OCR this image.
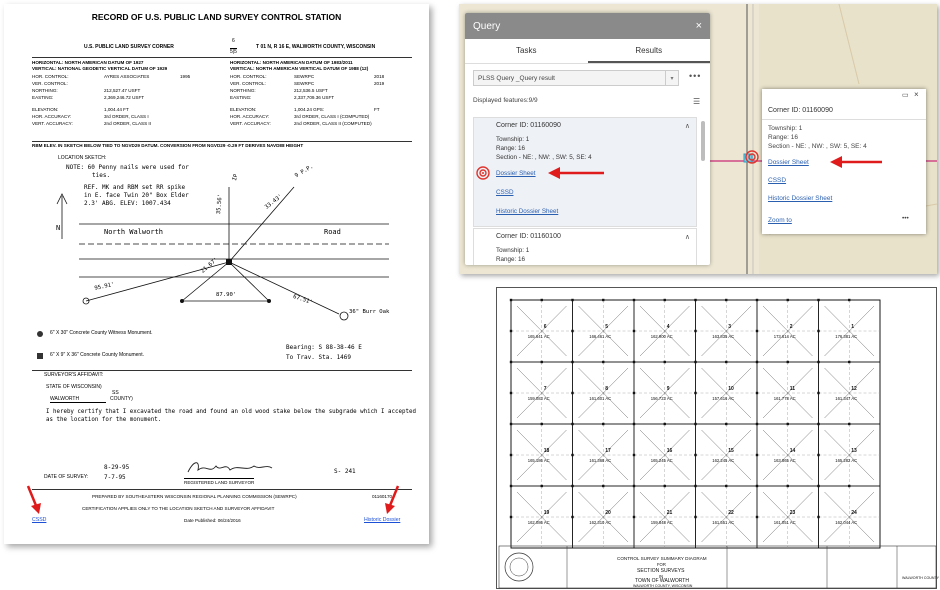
RECORD OF U.S. PUBLIC LAND SURVEY CONTROL STATION
U.S. PUBLIC LAND SURVEY CORNER
6
5|5
T 01 N, R 16 E, WALWORTH COUNTY, WISCONSIN
HORIZONTAL: NORTH AMERICAN DATUM OF 1927
VERTICAL: NATIONAL GEODETIC VERTICAL DATUM OF 1929
HOR. CONTROL:	AYRES ASSOCIATES	1995
VER. CONTROL:
NORTHING:	212,527.47 USFT
EASTING:	2,369,246.72 USFT
ELEVATION:	1,004.44 FT
HOR. ACCURACY:	3rd ORDER, CLASS I
VERT. ACCURACY:	2nd ORDER, CLASS II
HORIZONTAL: NORTH AMERICAN DATUM OF 1983/2011
VERTICAL: NORTH AMERICAN VERTICAL DATUM OF 1988 (12)
HOR. CONTROL:	SEWRPC	2018
VER. CONTROL:	SEWRPC	2019
NORTHING:	212,536.5 USFT
EASTING:	2,337,709.36 USFT
ELEVATION:	1,004.24 GPS:	FT
HOR. ACCURACY:	3rd ORDER, CLASS I (COMPUTED)
VERT. ACCURACY:	2nd ORDER, CLASS II (COMPUTED)
RBM ELEV. IN SKETCH BELOW TIED TO NGVD29 DATUM. CONVERSION FROM NGVD29 -0.29 FT DERIVES NAVD88 HEIGHT
LOCATION SKETCH:
NOTE: 60 Penny nails were used for
ties.
REF. MK and RBM set RR spike
in E. face Twin 20" Box Elder
2.3' ABG. ELEV: 1007.434
N
IP	9 P.P.
35.56'	33.43'
95.91'
21.67'
87.90'	67.51'
36" Burr Oak
North Walworth	Road
6" X 30" Concrete County Witness Monument.
6" X 9" X 36" Concrete County Monument.
Bearing: S 88-38-46 E
To Trav. Sta. 1469
SURVEYOR'S AFFIDAVIT:
STATE OF WISCONSIN)
SS
WALWORTH	COUNTY)
I hereby certify that I excavated the road and found an old wood stake below the subgrade which I accepted as the location for the monument.
DATE OF SURVEY:
8-29-95
7-7-95
REGISTERED LAND SURVEYOR
S- 241
PREPARED BY SOUTHEASTERN WISCONSIN REGIONAL PLANNING COMMISSION (SEWRPC)	01160170
CERTIFICATION APPLIES ONLY TO THE LOCATION SKETCH AND SURVEYOR AFFIDAVIT
Date Published: 06/24/2016
CSSD	Historic Dossier
Query	×
Tasks	Results
PLSS Query _Query result	▾	•••
Displayed features:9/9	☰
Corner ID: 01160090	∧
Township: 1
Range: 16
Section - NE: , NW: , SW: 5, SE: 4
Dossier Sheet
CSSD
Historic Dossier Sheet
Corner ID: 01160100	∧
Township: 1
Range: 16
Corner ID: 01160090
▭ ×
Township: 1
Range: 16
Section - NE: , NW: , SW: 5, SE: 4
Dossier Sheet
CSSD
Historic Dossier Sheet
Zoom to	•••
165.641 AC
6
166.461 AC
5
162.900 AC
4
163.835 AC
3
173.614 AC
2
176.381 AC
1
159.083 AC
7
161.601 AC
8
156.723 AC
9
157.616 AC
10
161.778 AC
11
161.347 AC
12
165.186 AC
18
161.368 AC
17
165.245 AC
16
162.245 AC
15
163.865 AC
14
165.282 AC
13
162.086 AC
19
162.310 AC
20
159.848 AC
21
161.551 AC
22
161.051 AC
23
162.044 AC
24
CONTROL SURVEY SUMMARY DIAGRAM
FOR
SECTION SURVEYS
IN
TOWN OF WALWORTH
WALWORTH COUNTY, WISCONSIN
WALWORTH COUNTY
